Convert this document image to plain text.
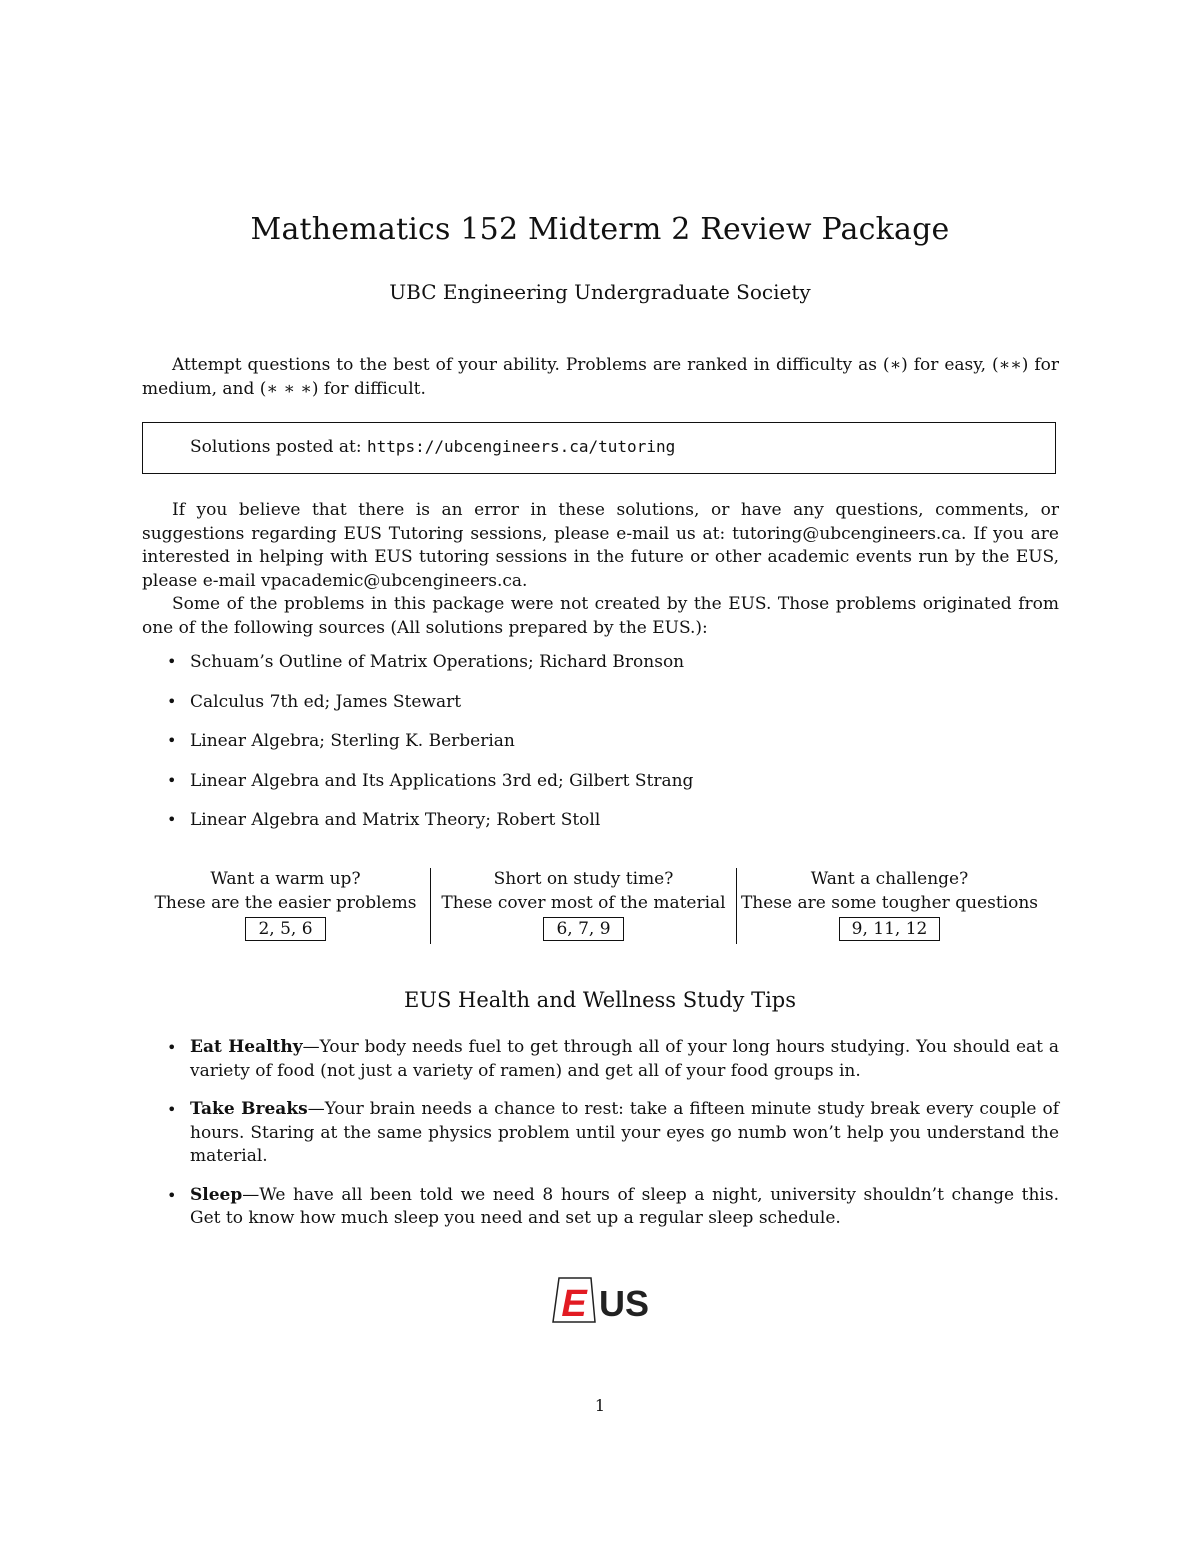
Mathematics 152 Midterm 2 Review Package
UBC Engineering Undergraduate Society

Attempt questions to the best of your ability. Problems are ranked in difficulty as (∗) for easy, (∗∗) for medium, and (∗ ∗ ∗) for difficult.

Solutions posted at: https://ubcengineers.ca/tutoring

If you believe that there is an error in these solutions, or have any questions, comments, or suggestions regarding EUS Tutoring sessions, please e-mail us at: tutoring@ubcengineers.ca. If you are interested in helping with EUS tutoring sessions in the future or other academic events run by the EUS, please e-mail vpacademic@ubcengineers.ca.

Some of the problems in this package were not created by the EUS. Those problems originated from one of the following sources (All solutions prepared by the EUS.):

• Schuam’s Outline of Matrix Operations; Richard Bronson
• Calculus 7th ed; James Stewart
• Linear Algebra; Sterling K. Berberian
• Linear Algebra and Its Applications 3rd ed; Gilbert Strang
• Linear Algebra and Matrix Theory; Robert Stoll
Want a warm up?
These are the easier problems
2, 5, 6
Short on study time?
These cover most of the material
6, 7, 9
Want a challenge?
These are some tougher questions
9, 11, 12
EUS Health and Wellness Study Tips
• Eat Healthy—Your body needs fuel to get through all of your long hours studying. You should eat a variety of food (not just a variety of ramen) and get all of your food groups in.
• Take Breaks—Your brain needs a chance to rest: take a fifteen minute study break every couple of hours. Staring at the same physics problem until your eyes go numb won’t help you understand the material.
• Sleep—We have all been told we need 8 hours of sleep a night, university shouldn’t change this. Get to know how much sleep you need and set up a regular sleep schedule.
E US
1
